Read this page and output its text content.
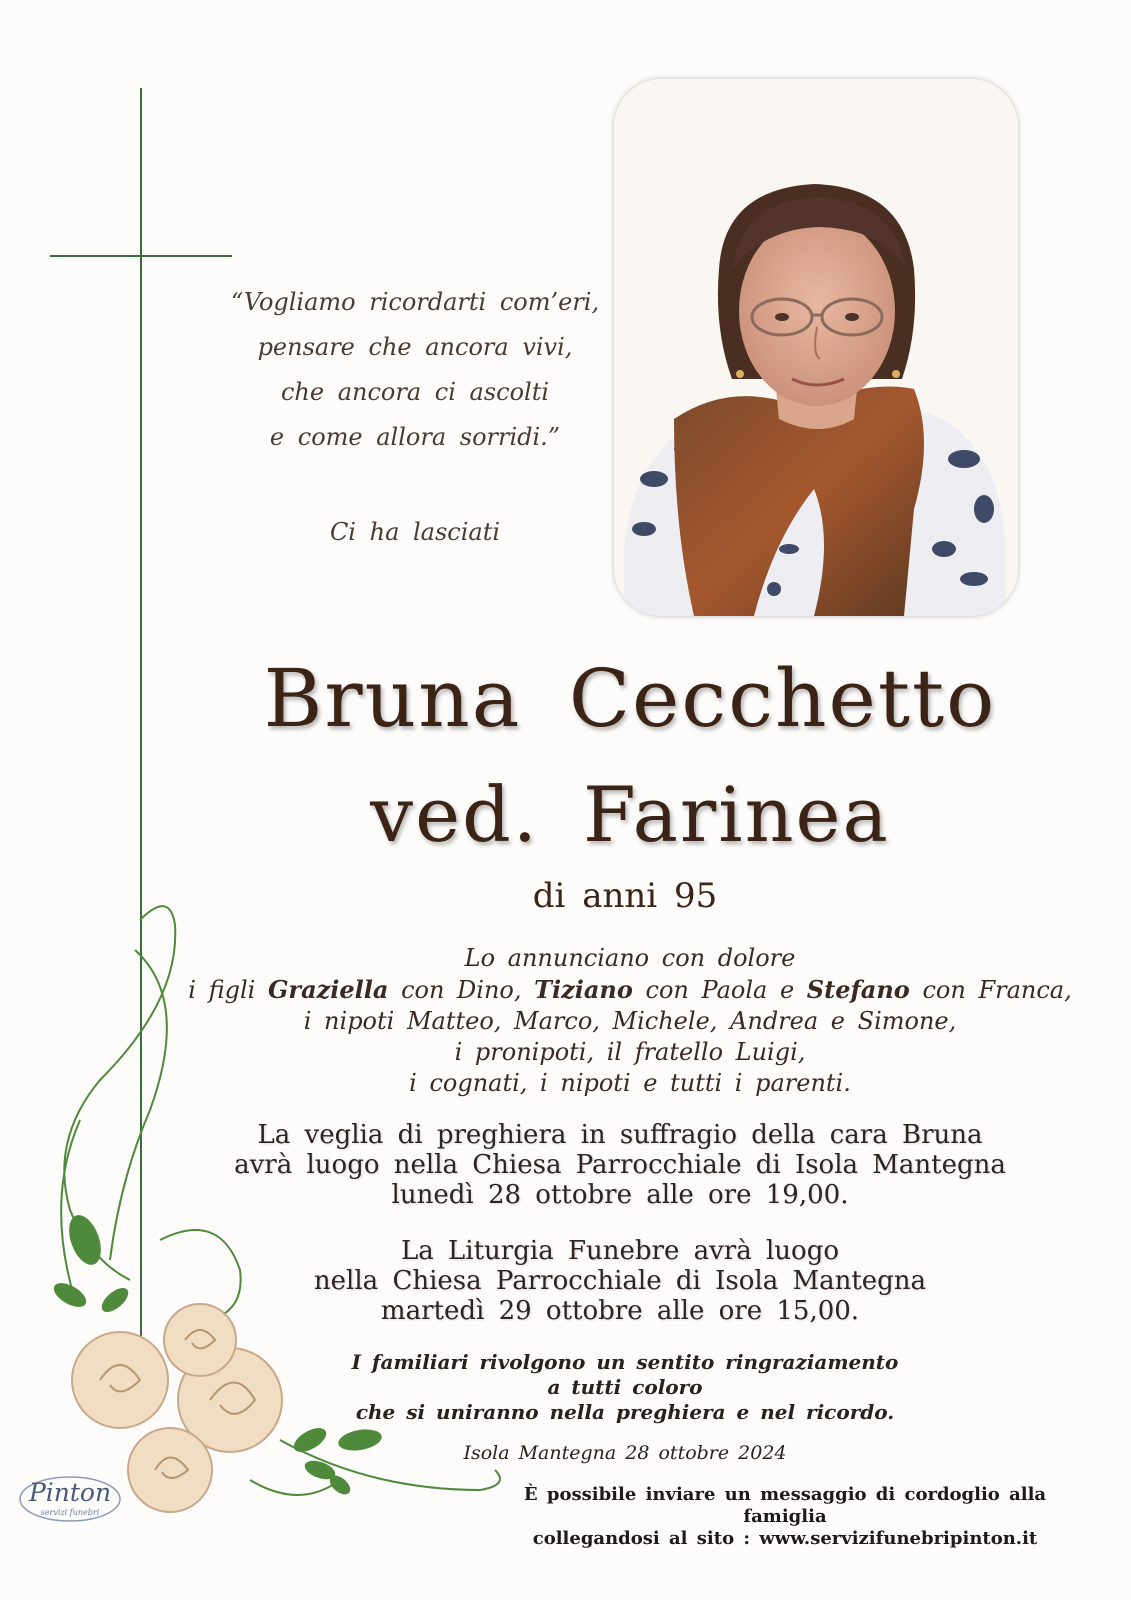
“Vogliamo ricordarti com’eri,
pensare che ancora vivi,
che ancora ci ascolti
e come allora sorridi.”
Ci ha lasciati
Bruna Cecchetto
ved. Farinea
di anni 95
Lo annunciano con dolore
i figli Graziella con Dino, Tiziano con Paola e Stefano con Franca,
i nipoti Matteo, Marco, Michele, Andrea e Simone,
i pronipoti, il fratello Luigi,
i cognati, i nipoti e tutti i parenti.
La veglia di preghiera in suffragio della cara Bruna
avrà luogo nella Chiesa Parrocchiale di Isola Mantegna
lunedì 28 ottobre alle ore 19,00.
La Liturgia Funebre avrà luogo
nella Chiesa Parrocchiale di Isola Mantegna
martedì 29 ottobre alle ore 15,00.
I familiari rivolgono un sentito ringraziamento
a tutti coloro
che si uniranno nella preghiera e nel ricordo.
Isola Mantegna 28 ottobre 2024
È possibile inviare un messaggio di cordoglio alla famiglia
collegandosi al sito : www.servizifunebripinton.it
Pinton
servizi funebri
